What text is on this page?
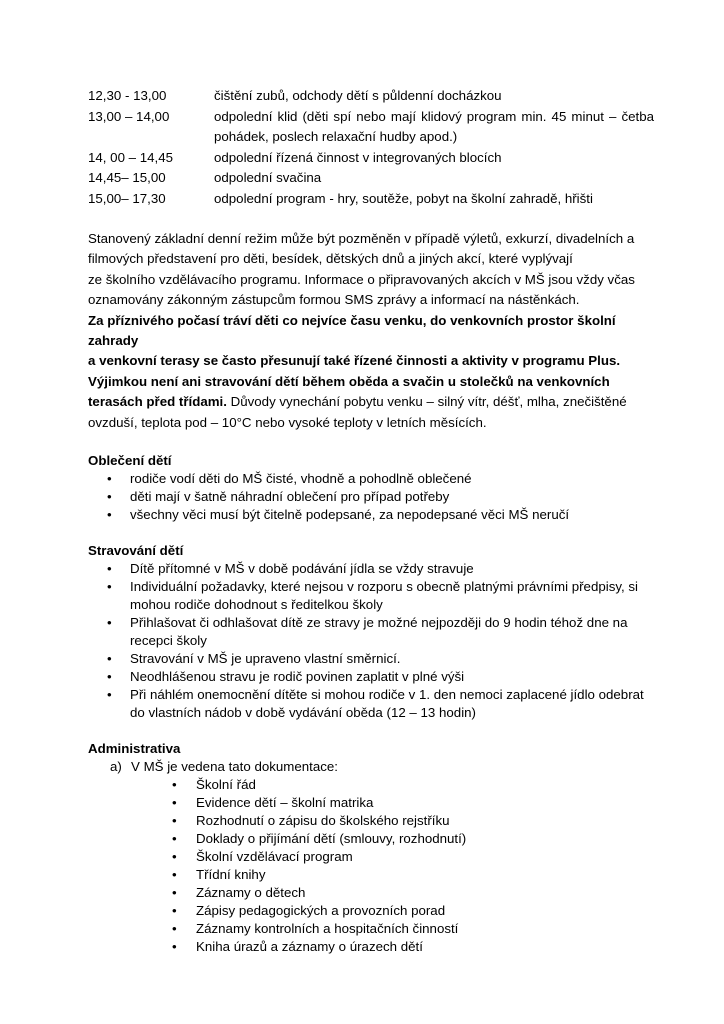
12,30 - 13,00	čištění zubů, odchody dětí s půldenní docházkou
13,00 – 14,00	odpolední klid (děti spí nebo mají klidový program min. 45 minut – četba pohádek, poslech relaxační hudby apod.)
14, 00 – 14,45	odpolední řízená činnost v integrovaných blocích
14,45– 15,00	odpolední svačina
15,00– 17,30	odpolední program - hry, soutěže, pobyt na školní zahradě, hřišti
Stanovený základní denní režim může být pozměněn v případě výletů, exkurzí, divadelních a
filmových představení pro děti, besídek, dětských dnů a jiných akcí, které vyplývají
ze školního vzdělávacího programu. Informace o připravovaných akcích v MŠ jsou vždy včas
oznamovány zákonným zástupcům formou SMS zprávy a informací na nástěnkách.
Za příznivého počasí tráví děti co nejvíce času venku, do venkovních prostor školní zahrady
a venkovní terasy se často přesunují také řízené činnosti a aktivity v programu Plus.
Výjimkou není ani stravování dětí během oběda a svačin u stolečků na venkovních
terasách před třídami. Důvody vynechání pobytu venku – silný vítr, déšť, mlha, znečištěné
ovzduší, teplota pod – 10°C nebo vysoké teploty v letních měsících.
Oblečení dětí
• rodiče vodí děti do MŠ čisté, vhodně a pohodlně oblečené
• děti mají v šatně náhradní oblečení pro případ potřeby
• všechny věci musí být čitelně podepsané, za nepodepsané věci MŠ neručí
Stravování dětí
• Dítě přítomné v MŠ v době podávání jídla se vždy stravuje
• Individuální požadavky, které nejsou v rozporu s obecně platnými právními předpisy, si mohou rodiče dohodnout s ředitelkou školy
• Přihlašovat či odhlašovat dítě ze stravy je možné nejpozději do 9 hodin téhož dne na recepci školy
• Stravování v MŠ je upraveno vlastní směrnicí.
• Neodhlášenou stravu je rodič povinen zaplatit v plné výši
• Při náhlém onemocnění dítěte si mohou rodiče v 1. den nemoci zaplacené jídlo odebrat do vlastních nádob v době vydávání oběda (12 – 13 hodin)
Administrativa
a) V MŠ je vedena tato dokumentace:
• Školní řád
• Evidence dětí – školní matrika
• Rozhodnutí o zápisu do školského rejstříku
• Doklady o přijímání dětí (smlouvy, rozhodnutí)
• Školní vzdělávací program
• Třídní knihy
• Záznamy o dětech
• Zápisy pedagogických a provozních porad
• Záznamy kontrolních a hospitačních činností
• Kniha úrazů a záznamy o úrazech dětí
